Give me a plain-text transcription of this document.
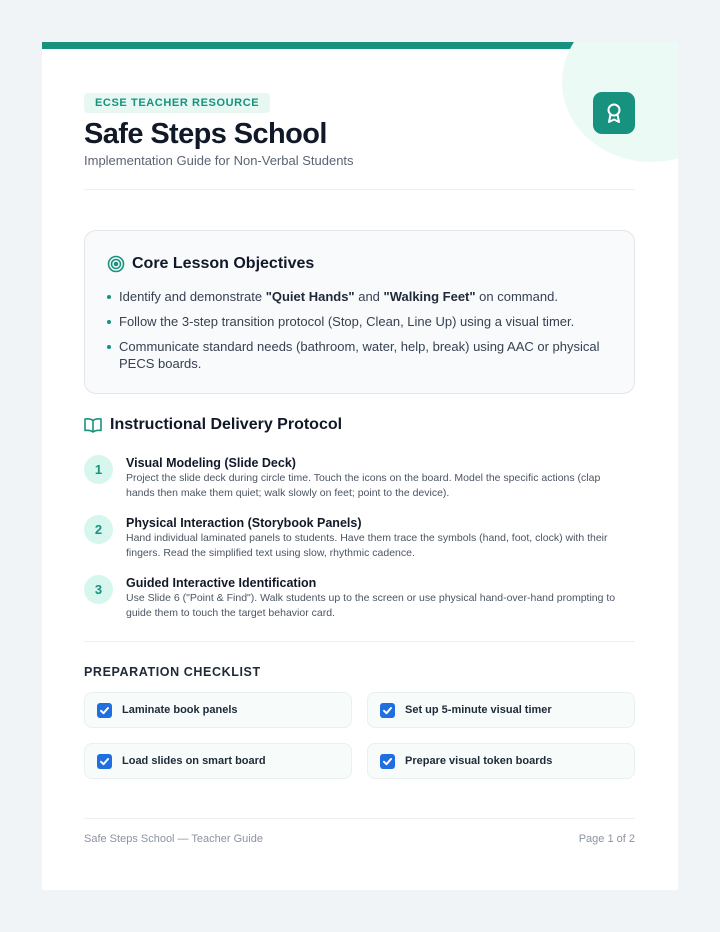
ECSE TEACHER RESOURCE
Safe Steps School
Implementation Guide for Non-Verbal Students
Core Lesson Objectives
Identify and demonstrate "Quiet Hands" and "Walking Feet" on command.
Follow the 3-step transition protocol (Stop, Clean, Line Up) using a visual timer.
Communicate standard needs (bathroom, water, help, break) using AAC or physical PECS boards.
Instructional Delivery Protocol
1	Visual Modeling (Slide Deck)
Project the slide deck during circle time. Touch the icons on the board. Model the specific actions (clap hands then make them quiet; walk slowly on feet; point to the device).
2	Physical Interaction (Storybook Panels)
Hand individual laminated panels to students. Have them trace the symbols (hand, foot, clock) with their fingers. Read the simplified text using slow, rhythmic cadence.
3	Guided Interactive Identification
Use Slide 6 ("Point & Find"). Walk students up to the screen or use physical hand-over-hand prompting to guide them to touch the target behavior card.
PREPARATION CHECKLIST
Laminate book panels	Set up 5-minute visual timer
Load slides on smart board	Prepare visual token boards
Safe Steps School — Teacher Guide	Page 1 of 2
